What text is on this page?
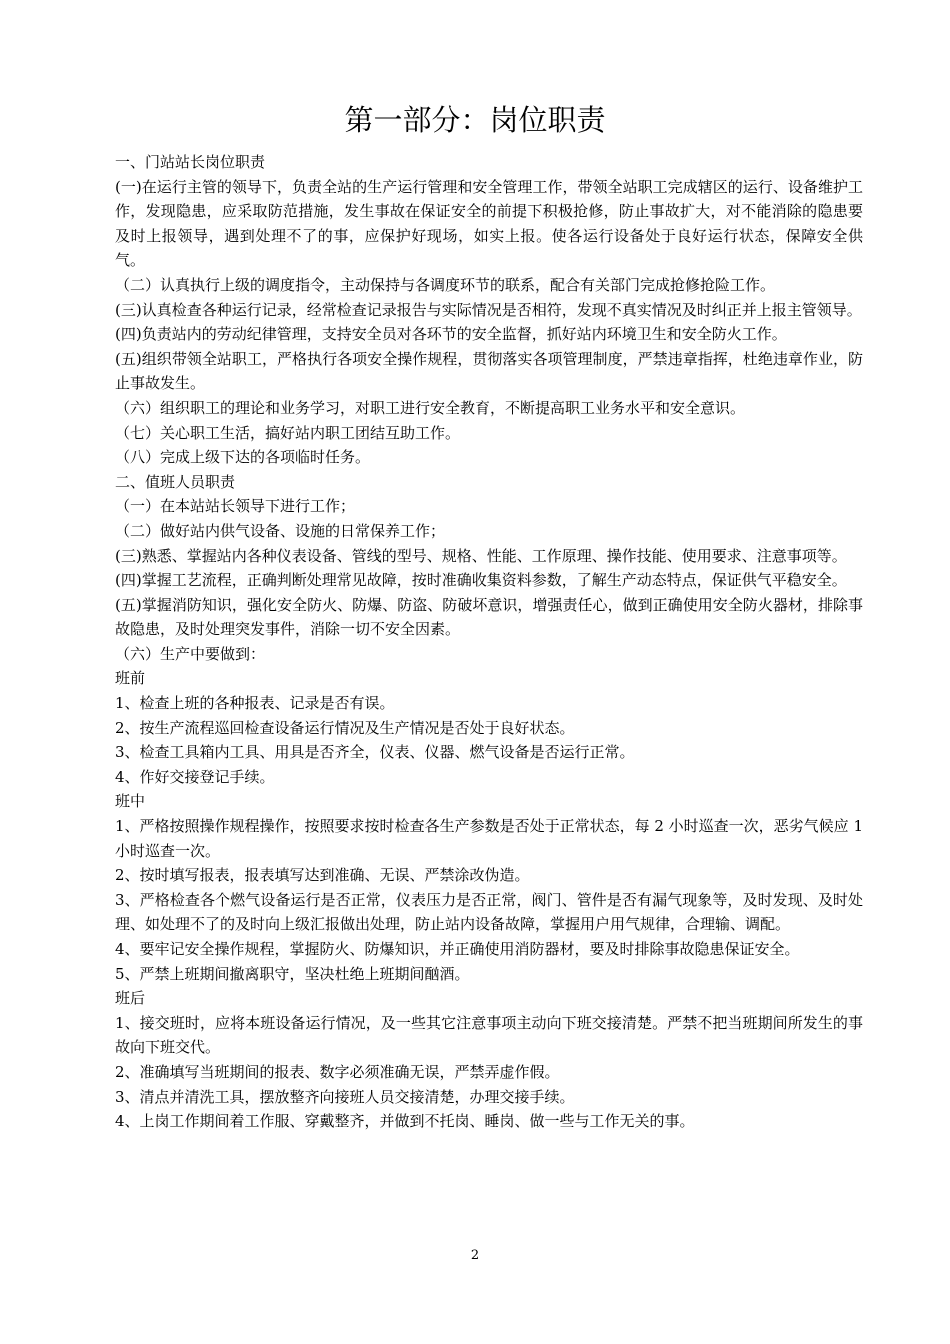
第一部分：岗位职责

一、门站站长岗位职责

(一)在运行主管的领导下，负责全站的生产运行管理和安全管理工作，带领全站职工完成辖区的运行、设备维护工作，发现隐患，应采取防范措施，发生事故在保证安全的前提下积极抢修，防止事故扩大，对不能消除的隐患要及时上报领导，遇到处理不了的事，应保护好现场，如实上报。使各运行设备处于良好运行状态，保障安全供气。

（二）认真执行上级的调度指令，主动保持与各调度环节的联系，配合有关部门完成抢修抢险工作。

(三)认真检查各种运行记录，经常检查记录报告与实际情况是否相符，发现不真实情况及时纠正并上报主管领导。

(四)负责站内的劳动纪律管理，支持安全员对各环节的安全监督，抓好站内环境卫生和安全防火工作。

(五)组织带领全站职工，严格执行各项安全操作规程，贯彻落实各项管理制度，严禁违章指挥，杜绝违章作业，防止事故发生。

（六）组织职工的理论和业务学习，对职工进行安全教育，不断提高职工业务水平和安全意识。

（七）关心职工生活，搞好站内职工团结互助工作。

（八）完成上级下达的各项临时任务。

二、值班人员职责

（一）在本站站长领导下进行工作；

（二）做好站内供气设备、设施的日常保养工作；

(三)熟悉、掌握站内各种仪表设备、管线的型号、规格、性能、工作原理、操作技能、使用要求、注意事项等。

(四)掌握工艺流程，正确判断处理常见故障，按时准确收集资料参数，了解生产动态特点，保证供气平稳安全。

(五)掌握消防知识，强化安全防火、防爆、防盗、防破坏意识，增强责任心，做到正确使用安全防火器材，排除事故隐患，及时处理突发事件，消除一切不安全因素。

（六）生产中要做到：

班前

1、检查上班的各种报表、记录是否有误。

2、按生产流程巡回检查设备运行情况及生产情况是否处于良好状态。

3、检查工具箱内工具、用具是否齐全，仪表、仪器、燃气设备是否运行正常。

4、作好交接登记手续。

班中

1、严格按照操作规程操作，按照要求按时检查各生产参数是否处于正常状态，每 2 小时巡查一次，恶劣气候应 1 小时巡查一次。

2、按时填写报表，报表填写达到准确、无误、严禁涂改伪造。

3、严格检查各个燃气设备运行是否正常，仪表压力是否正常，阀门、管件是否有漏气现象等，及时发现、及时处理、如处理不了的及时向上级汇报做出处理，防止站内设备故障，掌握用户用气规律，合理输、调配。

4、要牢记安全操作规程，掌握防火、防爆知识，并正确使用消防器材，要及时排除事故隐患保证安全。

5、严禁上班期间撤离职守，坚决杜绝上班期间酗酒。

班后

1、接交班时，应将本班设备运行情况，及一些其它注意事项主动向下班交接清楚。严禁不把当班期间所发生的事故向下班交代。

2、准确填写当班期间的报表、数字必须准确无误，严禁弄虚作假。

3、清点并清洗工具，摆放整齐向接班人员交接清楚，办理交接手续。

4、上岗工作期间着工作服、穿戴整齐，并做到不托岗、睡岗、做一些与工作无关的事。

2
